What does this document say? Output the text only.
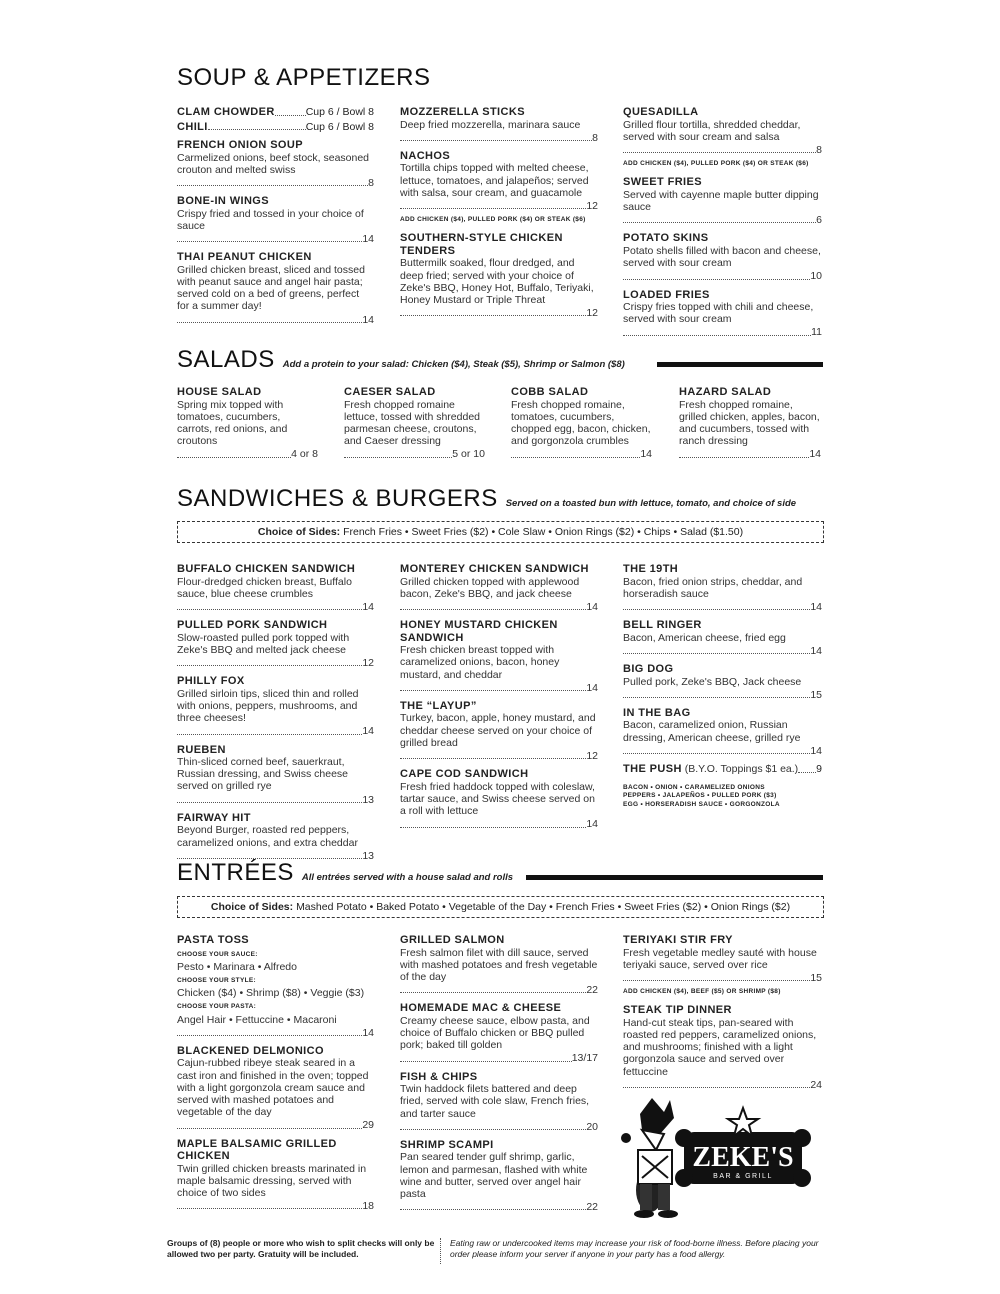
SOUP & APPETIZERS
CLAM CHOWDER	Cup 6 / Bowl 8
CHILI	Cup 6 / Bowl 8
FRENCH ONION SOUP
Carmelized onions, beef stock, seasoned crouton and melted swiss
8
BONE-IN WINGS
Crispy fried and tossed in your choice of sauce
14
THAI PEANUT CHICKEN
Grilled chicken breast, sliced and tossed with peanut sauce and angel hair pasta; served cold on a bed of greens, perfect for a summer day!
14
MOZZERELLA STICKS
Deep fried mozzerella, marinara sauce
8
NACHOS
Tortilla chips topped with melted cheese, lettuce, tomatoes, and jalapeños; served with salsa, sour cream, and guacamole
12
ADD CHICKEN ($4), PULLED PORK ($4) OR STEAK ($6)
SOUTHERN-STYLE CHICKEN TENDERS
Buttermilk soaked, flour dredged, and deep fried; served with your choice of Zeke's BBQ, Honey Hot, Buffalo, Teriyaki, Honey Mustard or Triple Threat
12
QUESADILLA
Grilled flour tortilla, shredded cheddar, served with sour cream and salsa
8
ADD CHICKEN ($4), PULLED PORK ($4) OR STEAK ($6)
SWEET FRIES
Served with cayenne maple butter dipping sauce
6
POTATO SKINS
Potato shells filled with bacon and cheese, served with sour cream
10
LOADED FRIES
Crispy fries topped with chili and cheese, served with sour cream
11
SALADS Add a protein to your salad: Chicken ($4), Steak ($5), Shrimp or Salmon ($8)
HOUSE SALAD
Spring mix topped with tomatoes, cucumbers, carrots, red onions, and croutons
4 or 8
CAESER SALAD
Fresh chopped romaine lettuce, tossed with shredded parmesan cheese, croutons, and Caeser dressing
5 or 10
COBB SALAD
Fresh chopped romaine, tomatoes, cucumbers, chopped egg, bacon, chicken, and gorgonzola crumbles
14
HAZARD SALAD
Fresh chopped romaine, grilled chicken, apples, bacon, and cucumbers, tossed with ranch dressing
14
SANDWICHES & BURGERS Served on a toasted bun with lettuce, tomato, and choice of side
Choice of Sides: French Fries • Sweet Fries ($2) • Cole Slaw • Onion Rings ($2) • Chips • Salad ($1.50)
BUFFALO CHICKEN SANDWICH
Flour-dredged chicken breast, Buffalo sauce, blue cheese crumbles
14
PULLED PORK SANDWICH
Slow-roasted pulled pork topped with Zeke's BBQ and melted jack cheese
12
PHILLY FOX
Grilled sirloin tips, sliced thin and rolled with onions, peppers, mushrooms, and three cheeses!
14
RUEBEN
Thin-sliced corned beef, sauerkraut, Russian dressing, and Swiss cheese served on grilled rye
13
FAIRWAY HIT
Beyond Burger, roasted red peppers, caramelized onions, and extra cheddar
13
MONTEREY CHICKEN SANDWICH
Grilled chicken topped with applewood bacon, Zeke's BBQ, and jack cheese
14
HONEY MUSTARD CHICKEN SANDWICH
Fresh chicken breast topped with caramelized onions, bacon, honey mustard, and cheddar
14
THE “LAYUP”
Turkey, bacon, apple, honey mustard, and cheddar cheese served on your choice of grilled bread
12
CAPE COD SANDWICH
Fresh fried haddock topped with coleslaw, tartar sauce, and Swiss cheese served on a roll with lettuce
14
THE 19TH
Bacon, fried onion strips, cheddar, and horseradish sauce
14
BELL RINGER
Bacon, American cheese, fried egg
14
BIG DOG
Pulled pork, Zeke's BBQ, Jack cheese
15
IN THE BAG
Bacon, caramelized onion, Russian dressing, American cheese, grilled rye
14
THE PUSH
(B.Y.O. Toppings $1 ea.) 9
BACON • ONION • CARAMELIZED ONIONS
PEPPERS • JALAPEÑOS • PULLED PORK ($3)
EGG • HORSERADISH SAUCE • GORGONZOLA
ENTRÉES All entrées served with a house salad and rolls
Choice of Sides: Mashed Potato • Baked Potato • Vegetable of the Day • French Fries • Sweet Fries ($2) • Onion Rings ($2)
PASTA TOSS
CHOOSE YOUR SAUCE:
Pesto • Marinara • Alfredo
CHOOSE YOUR STYLE:
Chicken ($4) • Shrimp ($8) • Veggie ($3)
CHOOSE YOUR PASTA:
Angel Hair • Fettuccine • Macaroni
14
BLACKENED DELMONICO
Cajun-rubbed ribeye steak seared in a cast iron and finished in the oven; topped with a light gorgonzola cream sauce and served with mashed potatoes and vegetable of the day
29
MAPLE BALSAMIC GRILLED CHICKEN
Twin grilled chicken breasts marinated in maple balsamic dressing, served with choice of two sides
18
GRILLED SALMON
Fresh salmon filet with dill sauce, served with mashed potatoes and fresh vegetable of the day
22
HOMEMADE MAC & CHEESE
Creamy cheese sauce, elbow pasta, and choice of Buffalo chicken or BBQ pulled pork; baked till golden
13/17
FISH & CHIPS
Twin haddock filets battered and deep fried, served with cole slaw, French fries, and tarter sauce
20
SHRIMP SCAMPI
Pan seared tender gulf shrimp, garlic, lemon and parmesan, flashed with white wine and butter, served over angel hair pasta
22
TERIYAKI STIR FRY
Fresh vegetable medley sauté with house teriyaki sauce, served over rice
15
ADD CHICKEN ($4), BEEF ($5) OR SHRIMP ($8)
STEAK TIP DINNER
Hand-cut steak tips, pan-seared with roasted red peppers, caramelized onions, and mushrooms; finished with a light gorgonzola sauce and served over fettuccine
24
ZEKE'S
BAR & GRILL
Groups of (8) people or more who wish to split checks will only be allowed two per party. Gratuity will be included.
Eating raw or undercooked items may increase your risk of food-borne illness. Before placing your order please inform your server if anyone in your party has a food allergy.
